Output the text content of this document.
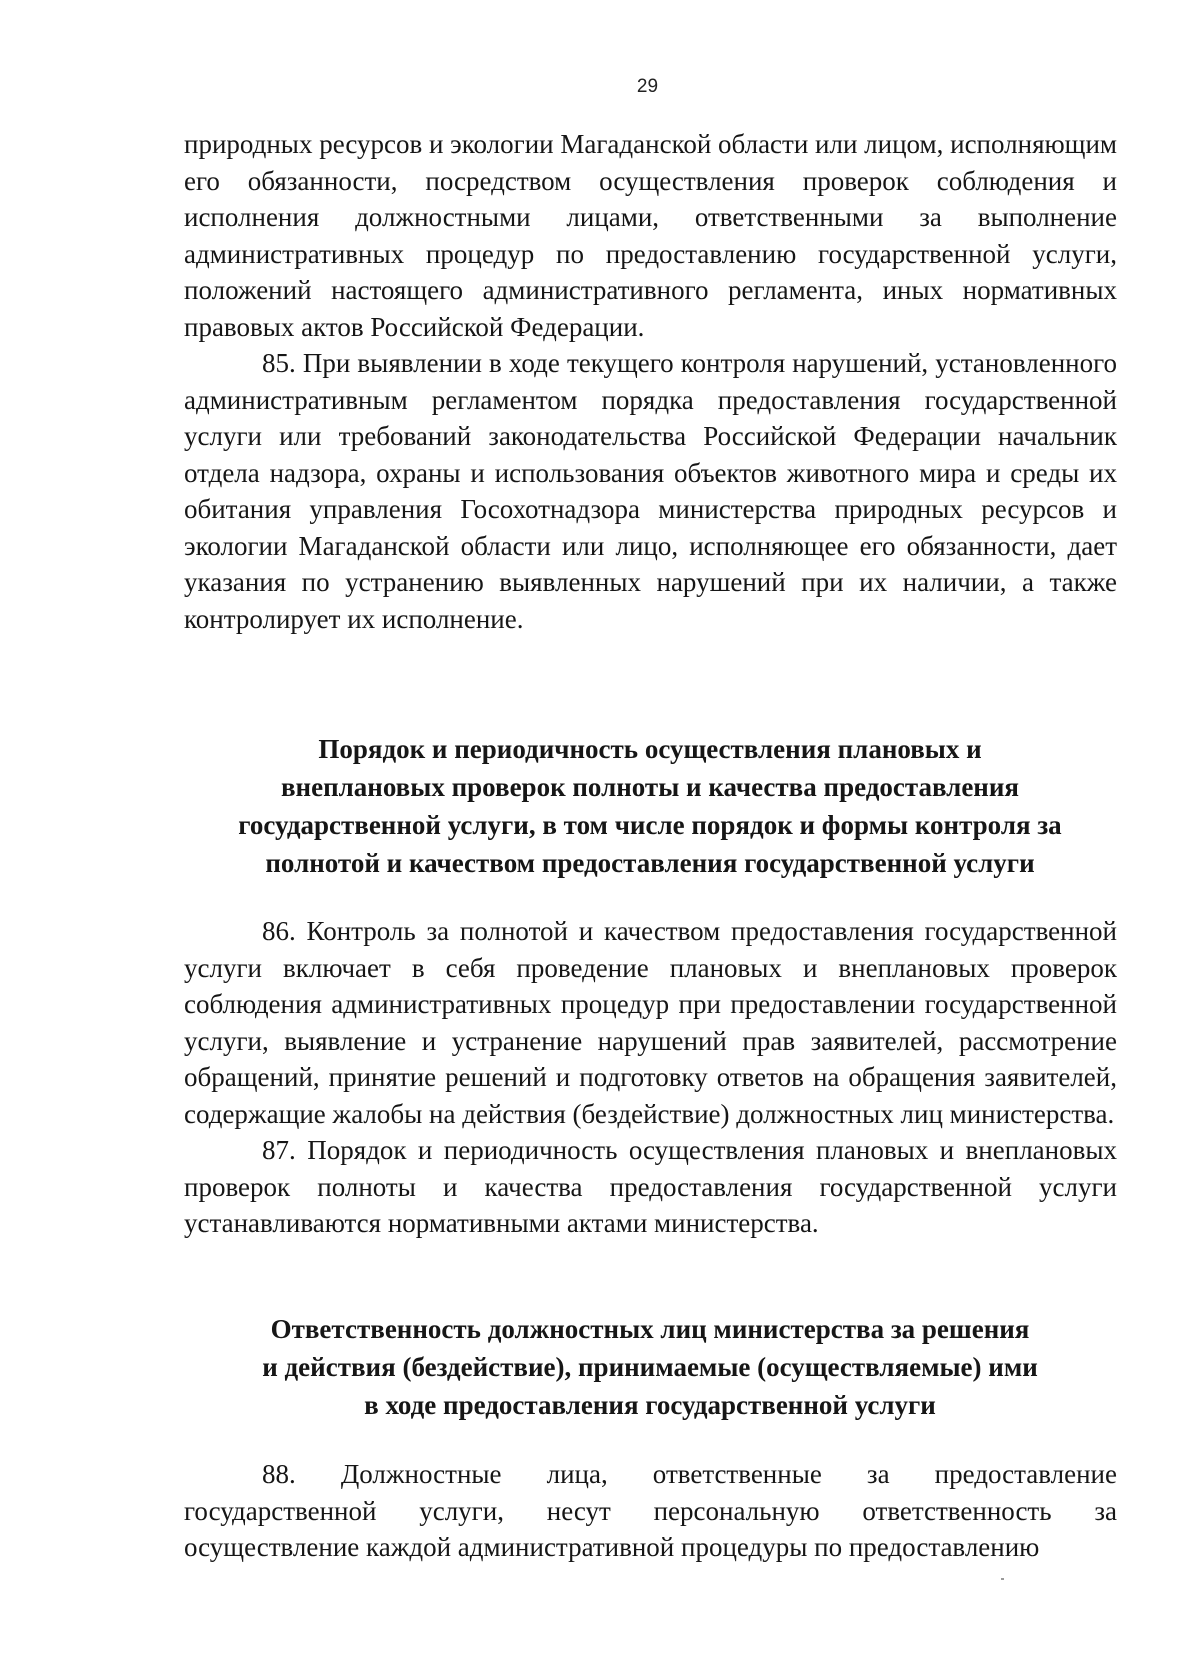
29

природных ресурсов и экологии Магаданской области или лицом, исполняющим его обязанности, посредством осуществления проверок соблюдения и исполнения должностными лицами, ответственными за выполнение административных процедур по предоставлению государственной услуги, положений настоящего административного регламента, иных нормативных правовых актов Российской Федерации.

85. При выявлении в ходе текущего контроля нарушений, установленного административным регламентом порядка предоставления государственной услуги или требований законодательства Российской Федерации начальник отдела надзора, охраны и использования объектов животного мира и среды их обитания управления Госохотнадзора министерства природных ресурсов и экологии Магаданской области или лицо, исполняющее его обязанности, дает указания по устранению выявленных нарушений при их наличии, а также контролирует их исполнение.

Порядок и периодичность осуществления плановых и
внеплановых проверок полноты и качества предоставления
государственной услуги, в том числе порядок и формы контроля за
полнотой и качеством предоставления государственной услуги

86. Контроль за полнотой и качеством предоставления государственной услуги включает в себя проведение плановых и внеплановых проверок соблюдения административных процедур при предоставлении государственной услуги, выявление и устранение нарушений прав заявителей, рассмотрение обращений, принятие решений и подготовку ответов на обращения заявителей, содержащие жалобы на действия (бездействие) должностных лиц министерства.

87. Порядок и периодичность осуществления плановых и внеплановых проверок полноты и качества предоставления государственной услуги устанавливаются нормативными актами министерства.

Ответственность должностных лиц министерства за решения
и действия (бездействие), принимаемые (осуществляемые) ими
в ходе предоставления государственной услуги

88. Должностные лица, ответственные за предоставление государственной услуги, несут персональную ответственность за осуществление каждой административной процедуры по предоставлению
